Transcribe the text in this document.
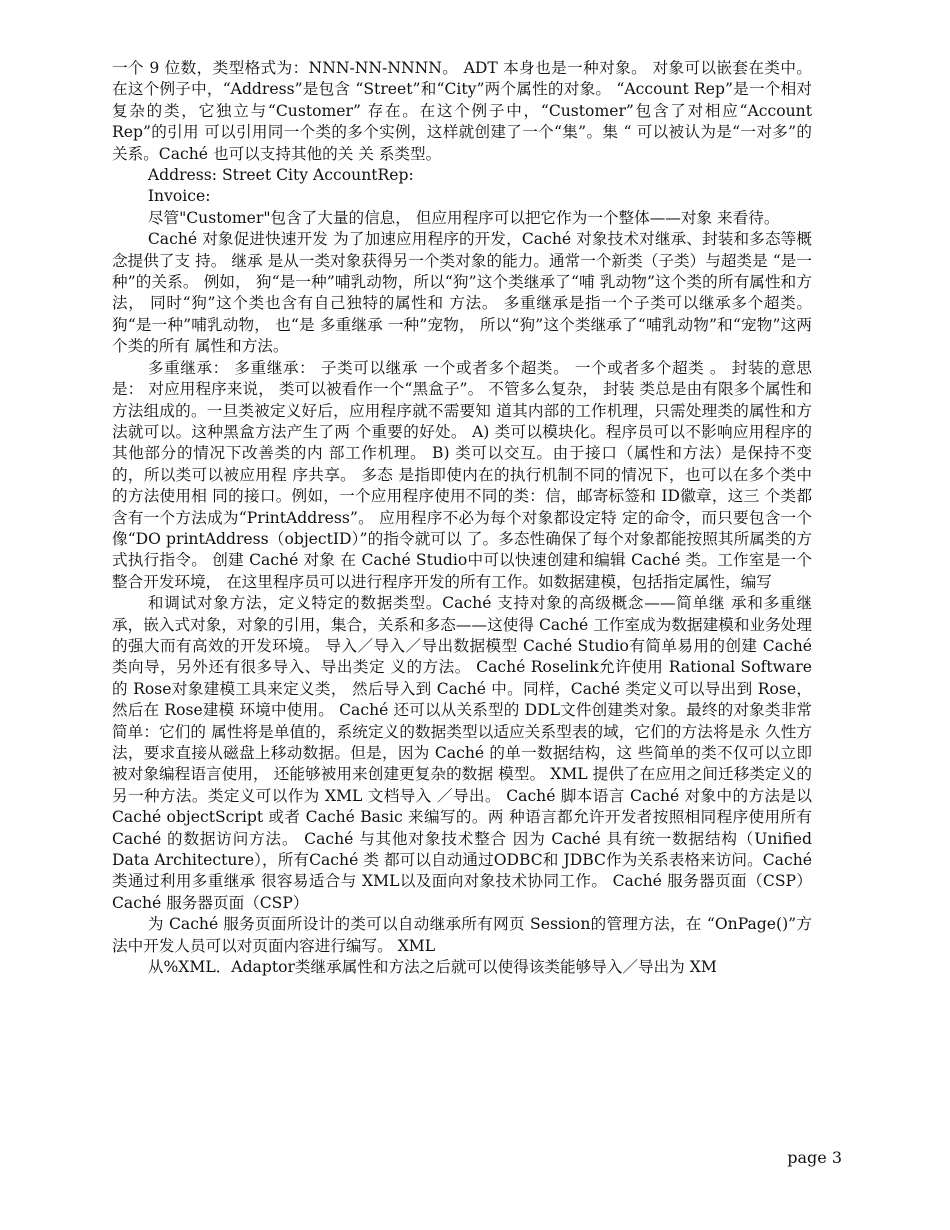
一个 9 位数，类型格式为：NNN-NN-NNNN。 ADT 本身也是一种对象。 对象可以嵌套在类中。在这个例子中，“Address”是包含 “Street”和“City”两个属性的对象。 “Account Rep”是一个相对复杂的类，它独立与“Customer” 存在。在这个例子中，“Customer”包含了对相应“Account Rep”的引用 可以引用同一个类的多个实例，这样就创建了一个“集”。集 “ 可以被认为是“一对多”的关系。Caché 也可以支持其他的关 关 系类型。

Address: Street City AccountRep:

Invoice:

尽管"Customer"包含了大量的信息， 但应用程序可以把它作为一个整体——对象 来看待。

Caché 对象促进快速开发 为了加速应用程序的开发，Caché 对象技术对继承、封装和多态等概念提供了支 持。 继承 是从一类对象获得另一个类对象的能力。通常一个新类（子类）与超类是 “是一种”的关系。 例如， 狗“是一种”哺乳动物，所以“狗”这个类继承了“哺 乳动物”这个类的所有属性和方法， 同时“狗”这个类也含有自己独特的属性和 方法。 多重继承是指一个子类可以继承多个超类。 狗“是一种”哺乳动物， 也“是 多重继承 一种”宠物， 所以“狗”这个类继承了“哺乳动物”和“宠物”这两个类的所有 属性和方法。

多重继承： 多重继承： 子类可以继承 一个或者多个超类。 一个或者多个超类 。 封装的意思是： 对应用程序来说， 类可以被看作一个“黑盒子”。 不管多么复杂， 封装 类总是由有限多个属性和方法组成的。一旦类被定义好后，应用程序就不需要知 道其内部的工作机理，只需处理类的属性和方法就可以。这种黑盒方法产生了两 个重要的好处。 A) 类可以模块化。程序员可以不影响应用程序的其他部分的情况下改善类的内 部工作机理。 B) 类可以交互。由于接口（属性和方法）是保持不变的，所以类可以被应用程 序共享。 多态 是指即使内在的执行机制不同的情况下，也可以在多个类中的方法使用相 同的接口。例如，一个应用程序使用不同的类：信，邮寄标签和 ID徽章，这三 个类都含有一个方法成为“PrintAddress”。 应用程序不必为每个对象都设定特 定的命令，而只要包含一个像“DO printAddress（objectID）”的指令就可以 了。多态性确保了每个对象都能按照其所属类的方式执行指令。 创建 Caché 对象 在 Caché Studio中可以快速创建和编辑 Caché 类。工作室是一个整合开发环境， 在这里程序员可以进行程序开发的所有工作。如数据建模，包括指定属性，编写

和调试对象方法，定义特定的数据类型。Caché 支持对象的高级概念——简单继 承和多重继承，嵌入式对象，对象的引用，集合，关系和多态——这使得 Caché 工作室成为数据建模和业务处理的强大而有高效的开发环境。 导入／导入／导出数据模型 Caché Studio有简单易用的创建 Caché 类向导，另外还有很多导入、导出类定 义的方法。 Caché Roselink允许使用 Rational Software的 Rose对象建模工具来定义类， 然后导入到 Caché 中。同样，Caché 类定义可以导出到 Rose，然后在 Rose建模 环境中使用。 Caché 还可以从关系型的 DDL文件创建类对象。最终的对象类非常简单：它们的 属性将是单值的，系统定义的数据类型以适应关系型表的域，它们的方法将是永 久性方法，要求直接从磁盘上移动数据。但是，因为 Caché 的单一数据结构，这 些简单的类不仅可以立即被对象编程语言使用， 还能够被用来创建更复杂的数据 模型。 XML 提供了在应用之间迁移类定义的另一种方法。类定义可以作为 XML 文档导入 ／导出。 Caché 脚本语言 Caché 对象中的方法是以 Caché objectScript 或者 Caché Basic 来编写的。两 种语言都允许开发者按照相同程序使用所有 Caché 的数据访问方法。 Caché 与其他对象技术整合 因为 Caché 具有统一数据结构（Unified Data Architecture），所有Caché 类 都可以自动通过ODBC和 JDBC作为关系表格来访问。Caché 类通过利用多重继承 很容易适合与 XML以及面向对象技术协同工作。 Caché 服务器页面（CSP） Caché 服务器页面（CSP）

为 Caché 服务页面所设计的类可以自动继承所有网页 Session的管理方法，在 “OnPage()”方法中开发人员可以对页面内容进行编写。 XML

从%XML．Adaptor类继承属性和方法之后就可以使得该类能够导入／导出为 XM

page 3
